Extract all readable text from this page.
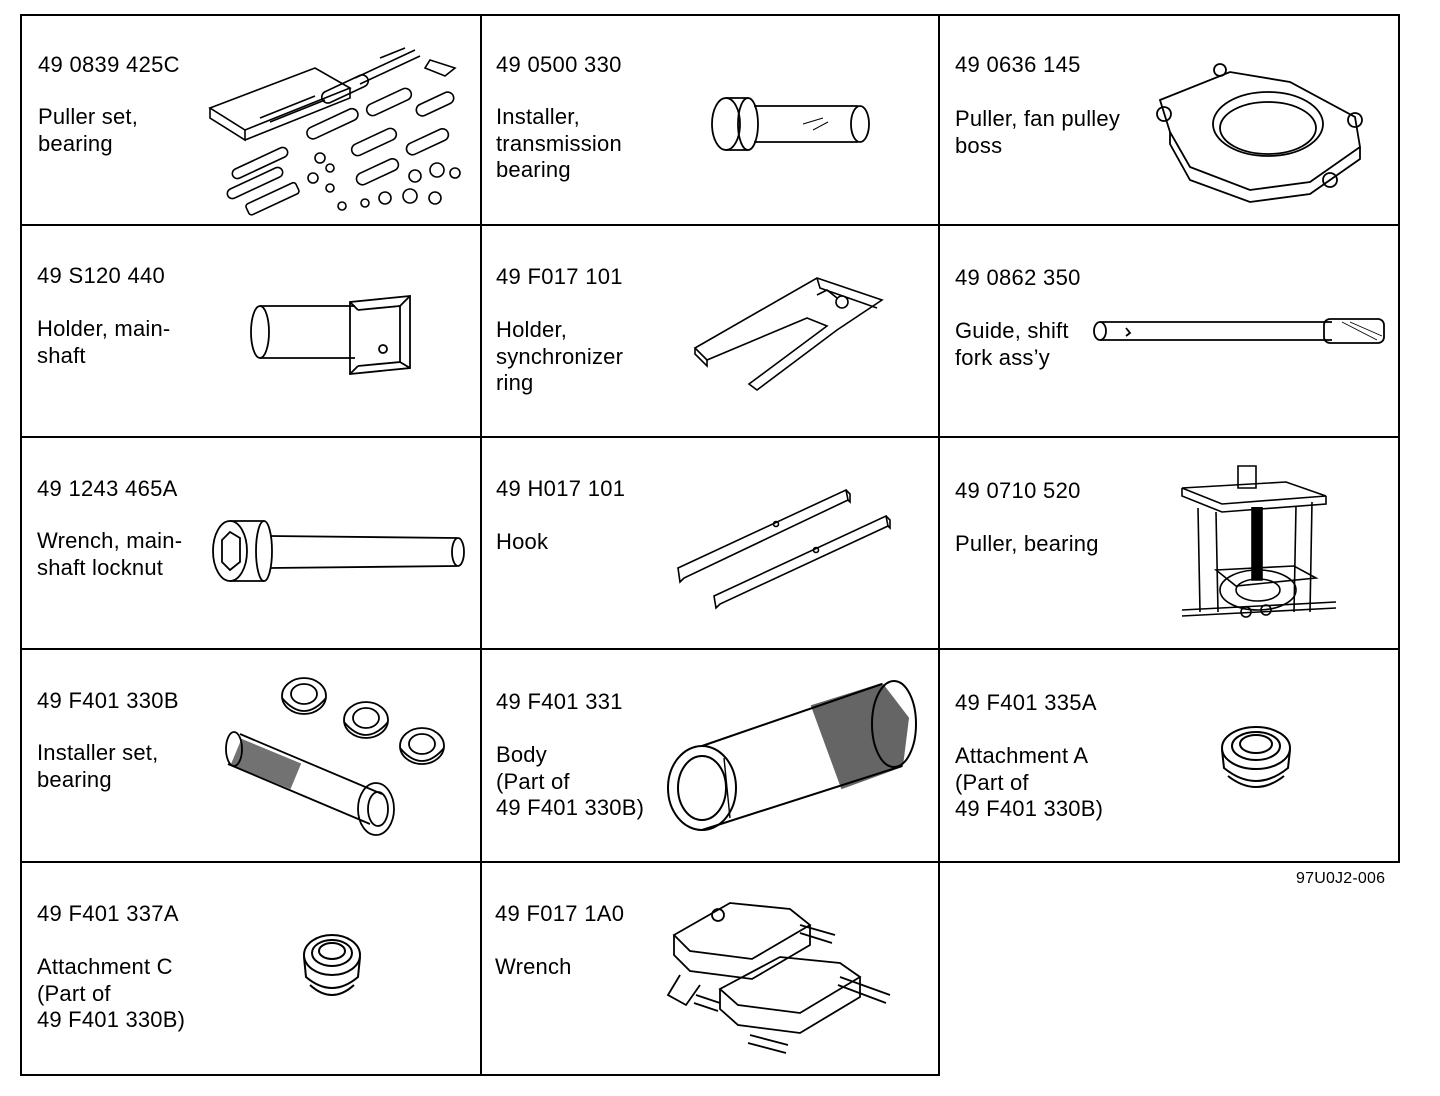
49 0839 425C
Puller set,
bearing
49 0500 330
Installer,
transmission
bearing
49 0636 145
Puller, fan pulley
boss
49 S120 440
Holder, main-
shaft
49 F017 101
Holder,
synchronizer
ring
49 0862 350
Guide, shift
fork ass’y
49 1243 465A
Wrench, main-
shaft locknut
49 H017 101
Hook
49 0710 520
Puller, bearing
49 F401 330B
Installer set,
bearing
49 F401 331
Body
(Part of
49 F401 330B)
49 F401 335A
Attachment A
(Part of
49 F401 330B)
49 F401 337A
Attachment C
(Part of
49 F401 330B)
49 F017 1A0
Wrench
97U0J2-006
